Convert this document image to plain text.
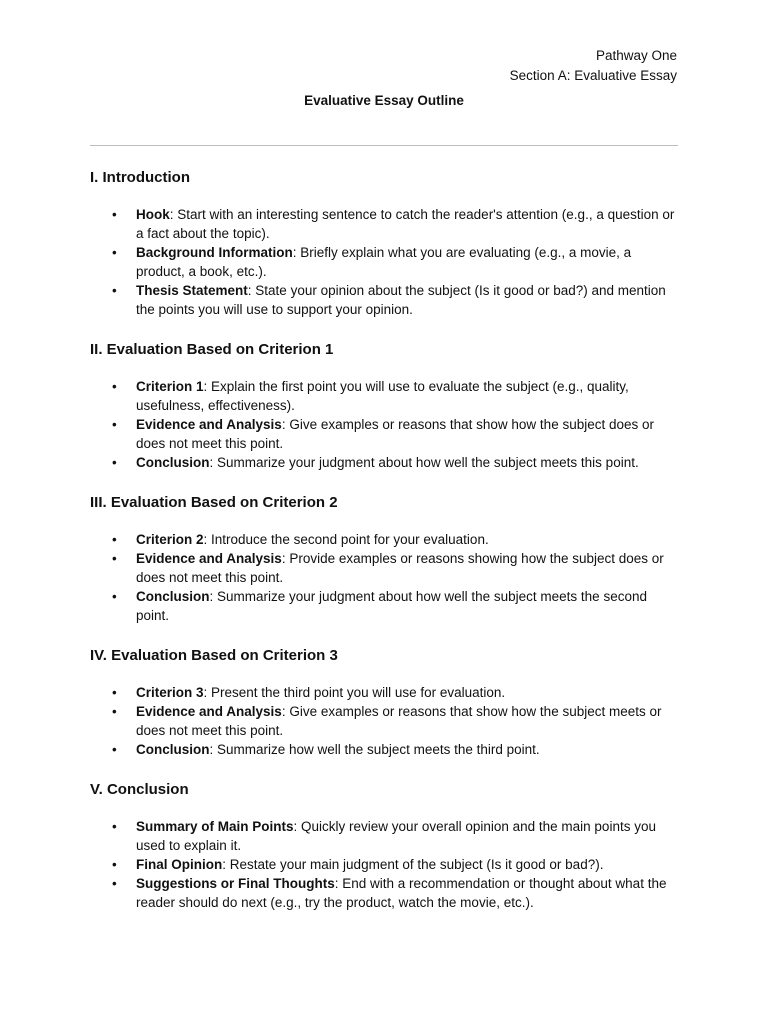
Pathway One
Section A: Evaluative Essay
Evaluative Essay Outline
I. Introduction
• Hook: Start with an interesting sentence to catch the reader's attention (e.g., a question or a fact about the topic).
• Background Information: Briefly explain what you are evaluating (e.g., a movie, a product, a book, etc.).
• Thesis Statement: State your opinion about the subject (Is it good or bad?) and mention the points you will use to support your opinion.
II. Evaluation Based on Criterion 1
• Criterion 1: Explain the first point you will use to evaluate the subject (e.g., quality, usefulness, effectiveness).
• Evidence and Analysis: Give examples or reasons that show how the subject does or does not meet this point.
• Conclusion: Summarize your judgment about how well the subject meets this point.
III. Evaluation Based on Criterion 2
• Criterion 2: Introduce the second point for your evaluation.
• Evidence and Analysis: Provide examples or reasons showing how the subject does or does not meet this point.
• Conclusion: Summarize your judgment about how well the subject meets the second point.
IV. Evaluation Based on Criterion 3
• Criterion 3: Present the third point you will use for evaluation.
• Evidence and Analysis: Give examples or reasons that show how the subject meets or does not meet this point.
• Conclusion: Summarize how well the subject meets the third point.
V. Conclusion
• Summary of Main Points: Quickly review your overall opinion and the main points you used to explain it.
• Final Opinion: Restate your main judgment of the subject (Is it good or bad?).
• Suggestions or Final Thoughts: End with a recommendation or thought about what the reader should do next (e.g., try the product, watch the movie, etc.).
